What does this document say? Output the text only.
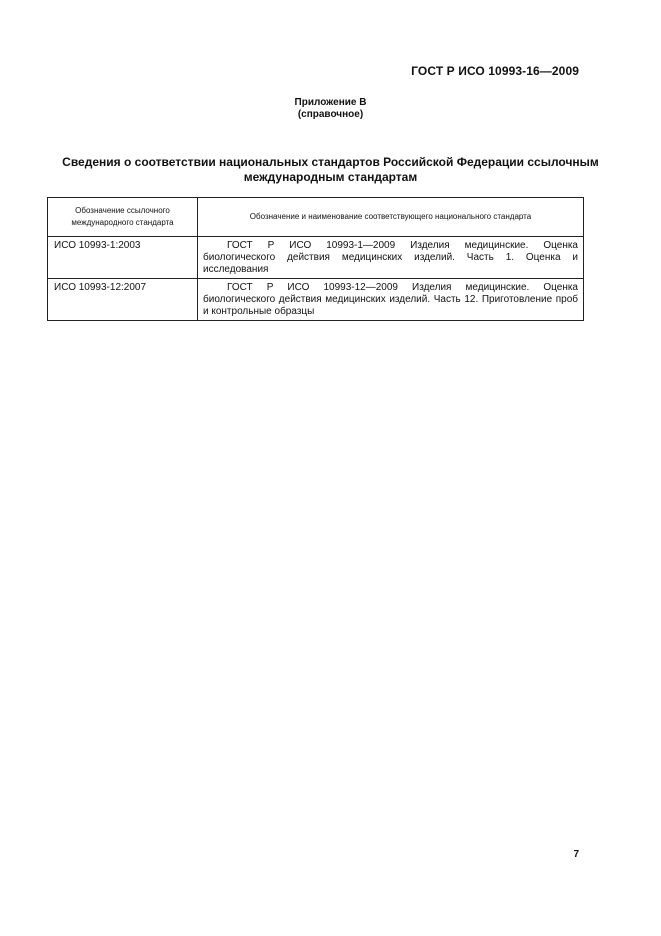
ГОСТ Р ИСО 10993-16—2009
Приложение В
(справочное)
Сведения о соответствии национальных стандартов Российской Федерации ссылочным
международным стандартам
Обозначение ссылочного международного стандарта	Обозначение и наименование соответствующего национального стандарта
ИСО 10993-1:2003	ГОСТ Р ИСО 10993-1—2009 Изделия медицинские. Оценка биологического действия медицинских изделий. Часть 1. Оценка и исследования

ИСО 10993-12:2007	ГОСТ Р ИСО 10993-12—2009 Изделия медицинские. Оценка биологического действия медицинских изделий. Часть 12. Приготовление проб и контрольные образцы
7
